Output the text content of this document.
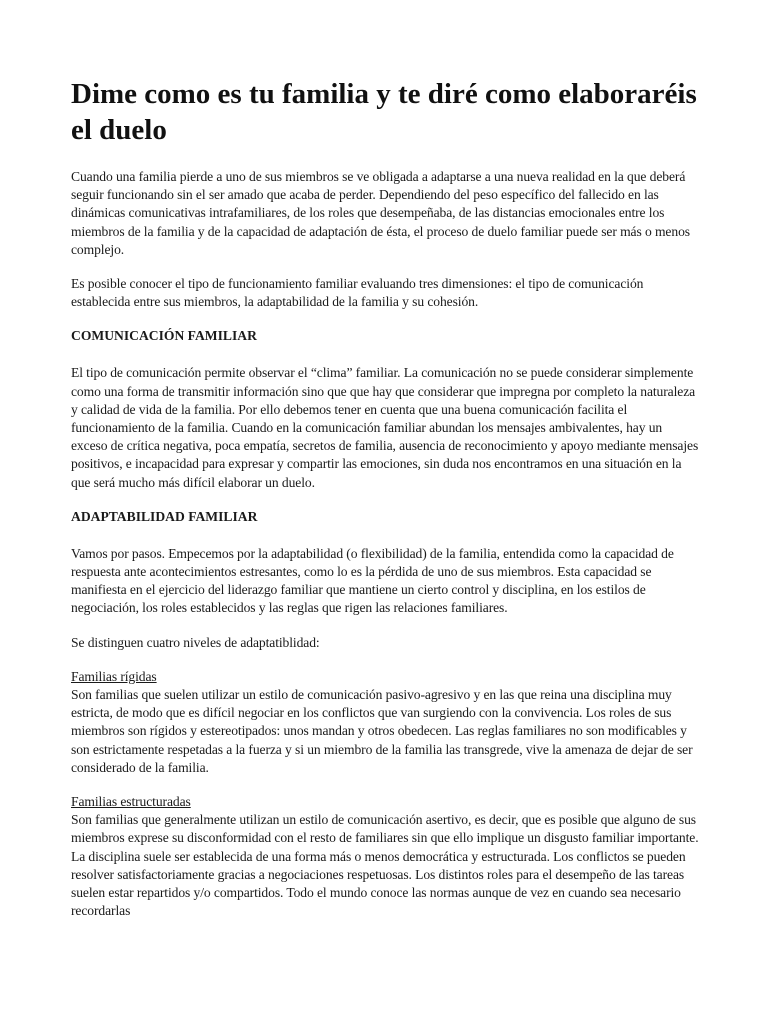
Dime como es tu familia y te diré como elaboraréis el duelo

Cuando una familia pierde a uno de sus miembros se ve obligada a adaptarse a una nueva realidad en la que deberá seguir funcionando sin el ser amado que acaba de perder. Dependiendo del peso específico del fallecido en las dinámicas comunicativas intrafamiliares, de los roles que desempeñaba, de las distancias emocionales entre los miembros de la familia y de la capacidad de adaptación de ésta, el proceso de duelo familiar puede ser más o menos complejo.

Es posible conocer el tipo de funcionamiento familiar evaluando tres dimensiones: el tipo de comunicación establecida entre sus miembros, la adaptabilidad de la familia y su cohesión.

COMUNICACIÓN FAMILIAR

El tipo de comunicación permite observar el “clima” familiar. La comunicación no se puede considerar simplemente como una forma de transmitir información sino que que hay que considerar que impregna por completo la naturaleza y calidad de vida de la familia. Por ello debemos tener en cuenta que una buena comunicación facilita el funcionamiento de la familia. Cuando en la comunicación familiar abundan los mensajes ambivalentes, hay un exceso de crítica negativa, poca empatía, secretos de familia, ausencia de reconocimiento y apoyo mediante mensajes positivos, e incapacidad para expresar y compartir las emociones, sin duda nos encontramos en una situación en la que será mucho más difícil elaborar un duelo.

ADAPTABILIDAD FAMILIAR

Vamos por pasos. Empecemos por la adaptabilidad (o flexibilidad) de la familia, entendida como la capacidad de respuesta ante acontecimientos estresantes, como lo es la pérdida de uno de sus miembros. Esta capacidad se manifiesta en el ejercicio del liderazgo familiar que mantiene un cierto control y disciplina, en los estilos de negociación, los roles establecidos y las reglas que rigen las relaciones familiares.

Se distinguen cuatro niveles de adaptatiblidad:

Familias rígidas
Son familias que suelen utilizar un estilo de comunicación pasivo-agresivo y en las que reina una disciplina muy estricta, de modo que es difícil negociar en los conflictos que van surgiendo con la convivencia. Los roles de sus miembros son rígidos y estereotipados: unos mandan y otros obedecen. Las reglas familiares no son modificables y son estrictamente respetadas a la fuerza y si un miembro de la familia las transgrede, vive la amenaza de dejar de ser considerado de la familia.

Familias estructuradas
Son familias que generalmente utilizan un estilo de comunicación asertivo, es decir, que es posible que alguno de sus miembros exprese su disconformidad con el resto de familiares sin que ello implique un disgusto familiar importante. La disciplina suele ser establecida de una forma más o menos democrática y estructurada. Los conflictos se pueden resolver satisfactoriamente gracias a negociaciones respetuosas. Los distintos roles para el desempeño de las tareas suelen estar repartidos y/o compartidos. Todo el mundo conoce las normas aunque de vez en cuando sea necesario recordarlas
